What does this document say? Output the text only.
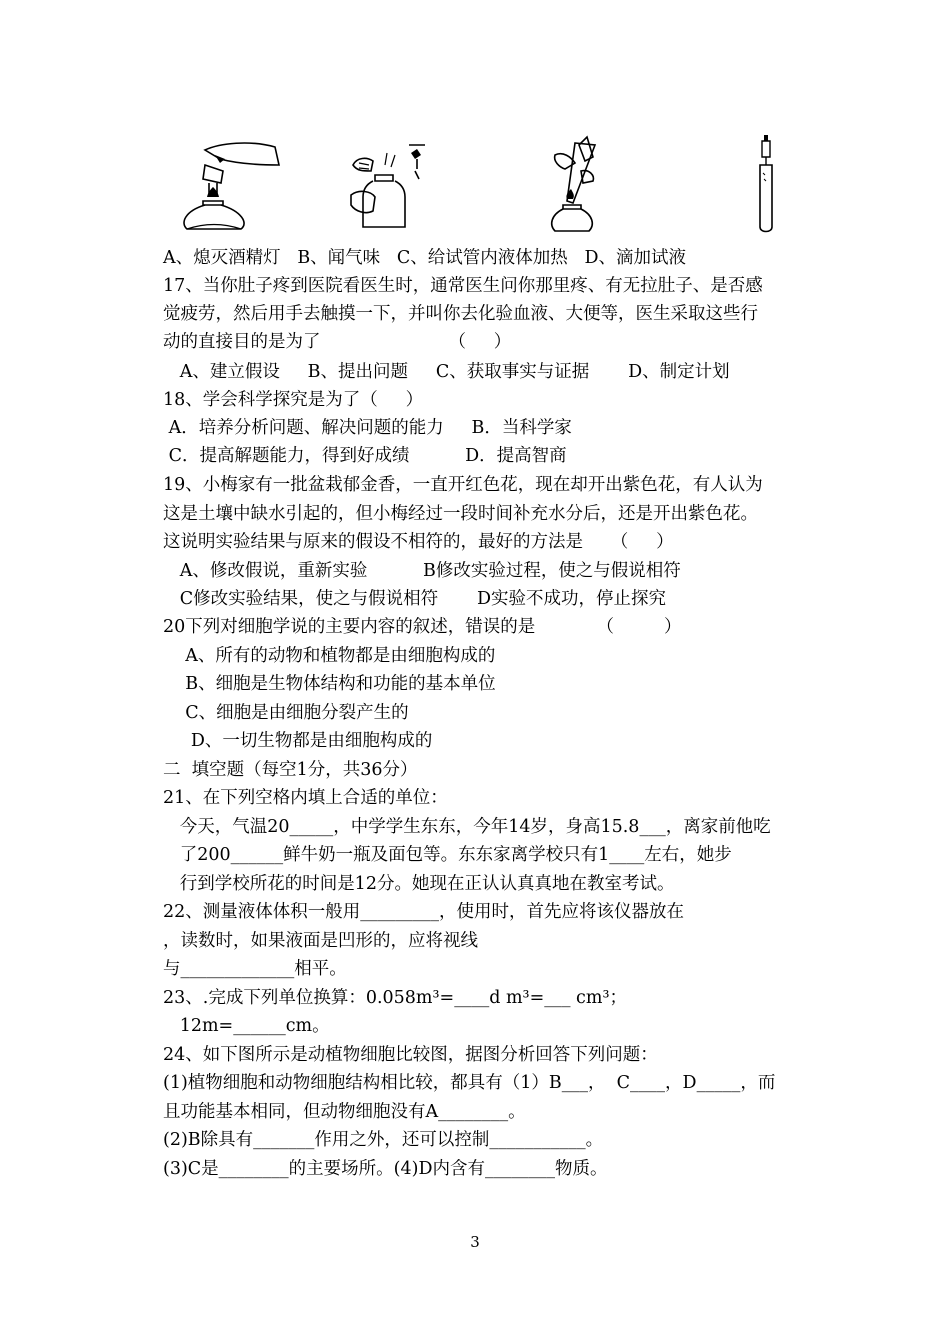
A、熄灭酒精灯   B、闻气味   C、给试管内液体加热   D、滴加试液
17、当你肚子疼到医院看医生时，通常医生问你那里疼、有无拉肚子、是否感
觉疲劳，然后用手去触摸一下，并叫你去化验血液、大便等，医生采取这些行
动的直接目的是为了                       （     ）
A、建立假设     B、提出问题     C、获取事实与证据       D、制定计划
18、学会科学探究是为了（     ）
A．培养分析问题、解决问题的能力     B．当科学家
C．提高解题能力，得到好成绩          D．提高智商
19、小梅家有一批盆栽郁金香，一直开红色花，现在却开出紫色花，有人认为
这是土壤中缺水引起的，但小梅经过一段时间补充水分后，还是开出紫色花。
这说明实验结果与原来的假设不相符的，最好的方法是     （     ）
A、修改假说，重新实验          B修改实验过程，使之与假说相符
C修改实验结果，使之与假说相符       D实验不成功，停止探究
20下列对细胞学说的主要内容的叙述，错误的是           （         ）
A、所有的动物和植物都是由细胞构成的
B、细胞是生物体结构和功能的基本单位
C、细胞是由细胞分裂产生的
D、一切生物都是由细胞构成的
二  填空题（每空1分，共36分）
21、在下列空格内填上合适的单位：
今天，气温20_____，中学学生东东，今年14岁，身高15.8___，离家前他吃
了200______鲜牛奶一瓶及面包等。东东家离学校只有1____左右，她步
行到学校所花的时间是12分。她现在正认认真真地在教室考试。
22、测量液体体积一般用_________，使用时，首先应将该仪器放在
，读数时，如果液面是凹形的，应将视线
与_____________相平。
23、.完成下列单位换算：0.058m³=____d m³=___ cm³；
12m=______cm。
24、如下图所示是动植物细胞比较图，据图分析回答下列问题：
(1)植物细胞和动物细胞结构相比较，都具有（1）B___，  C____，D_____，而
且功能基本相同，但动物细胞没有A________。
(2)B除具有_______作用之外，还可以控制___________。
(3)C是________的主要场所。(4)D内含有________物质。
3
